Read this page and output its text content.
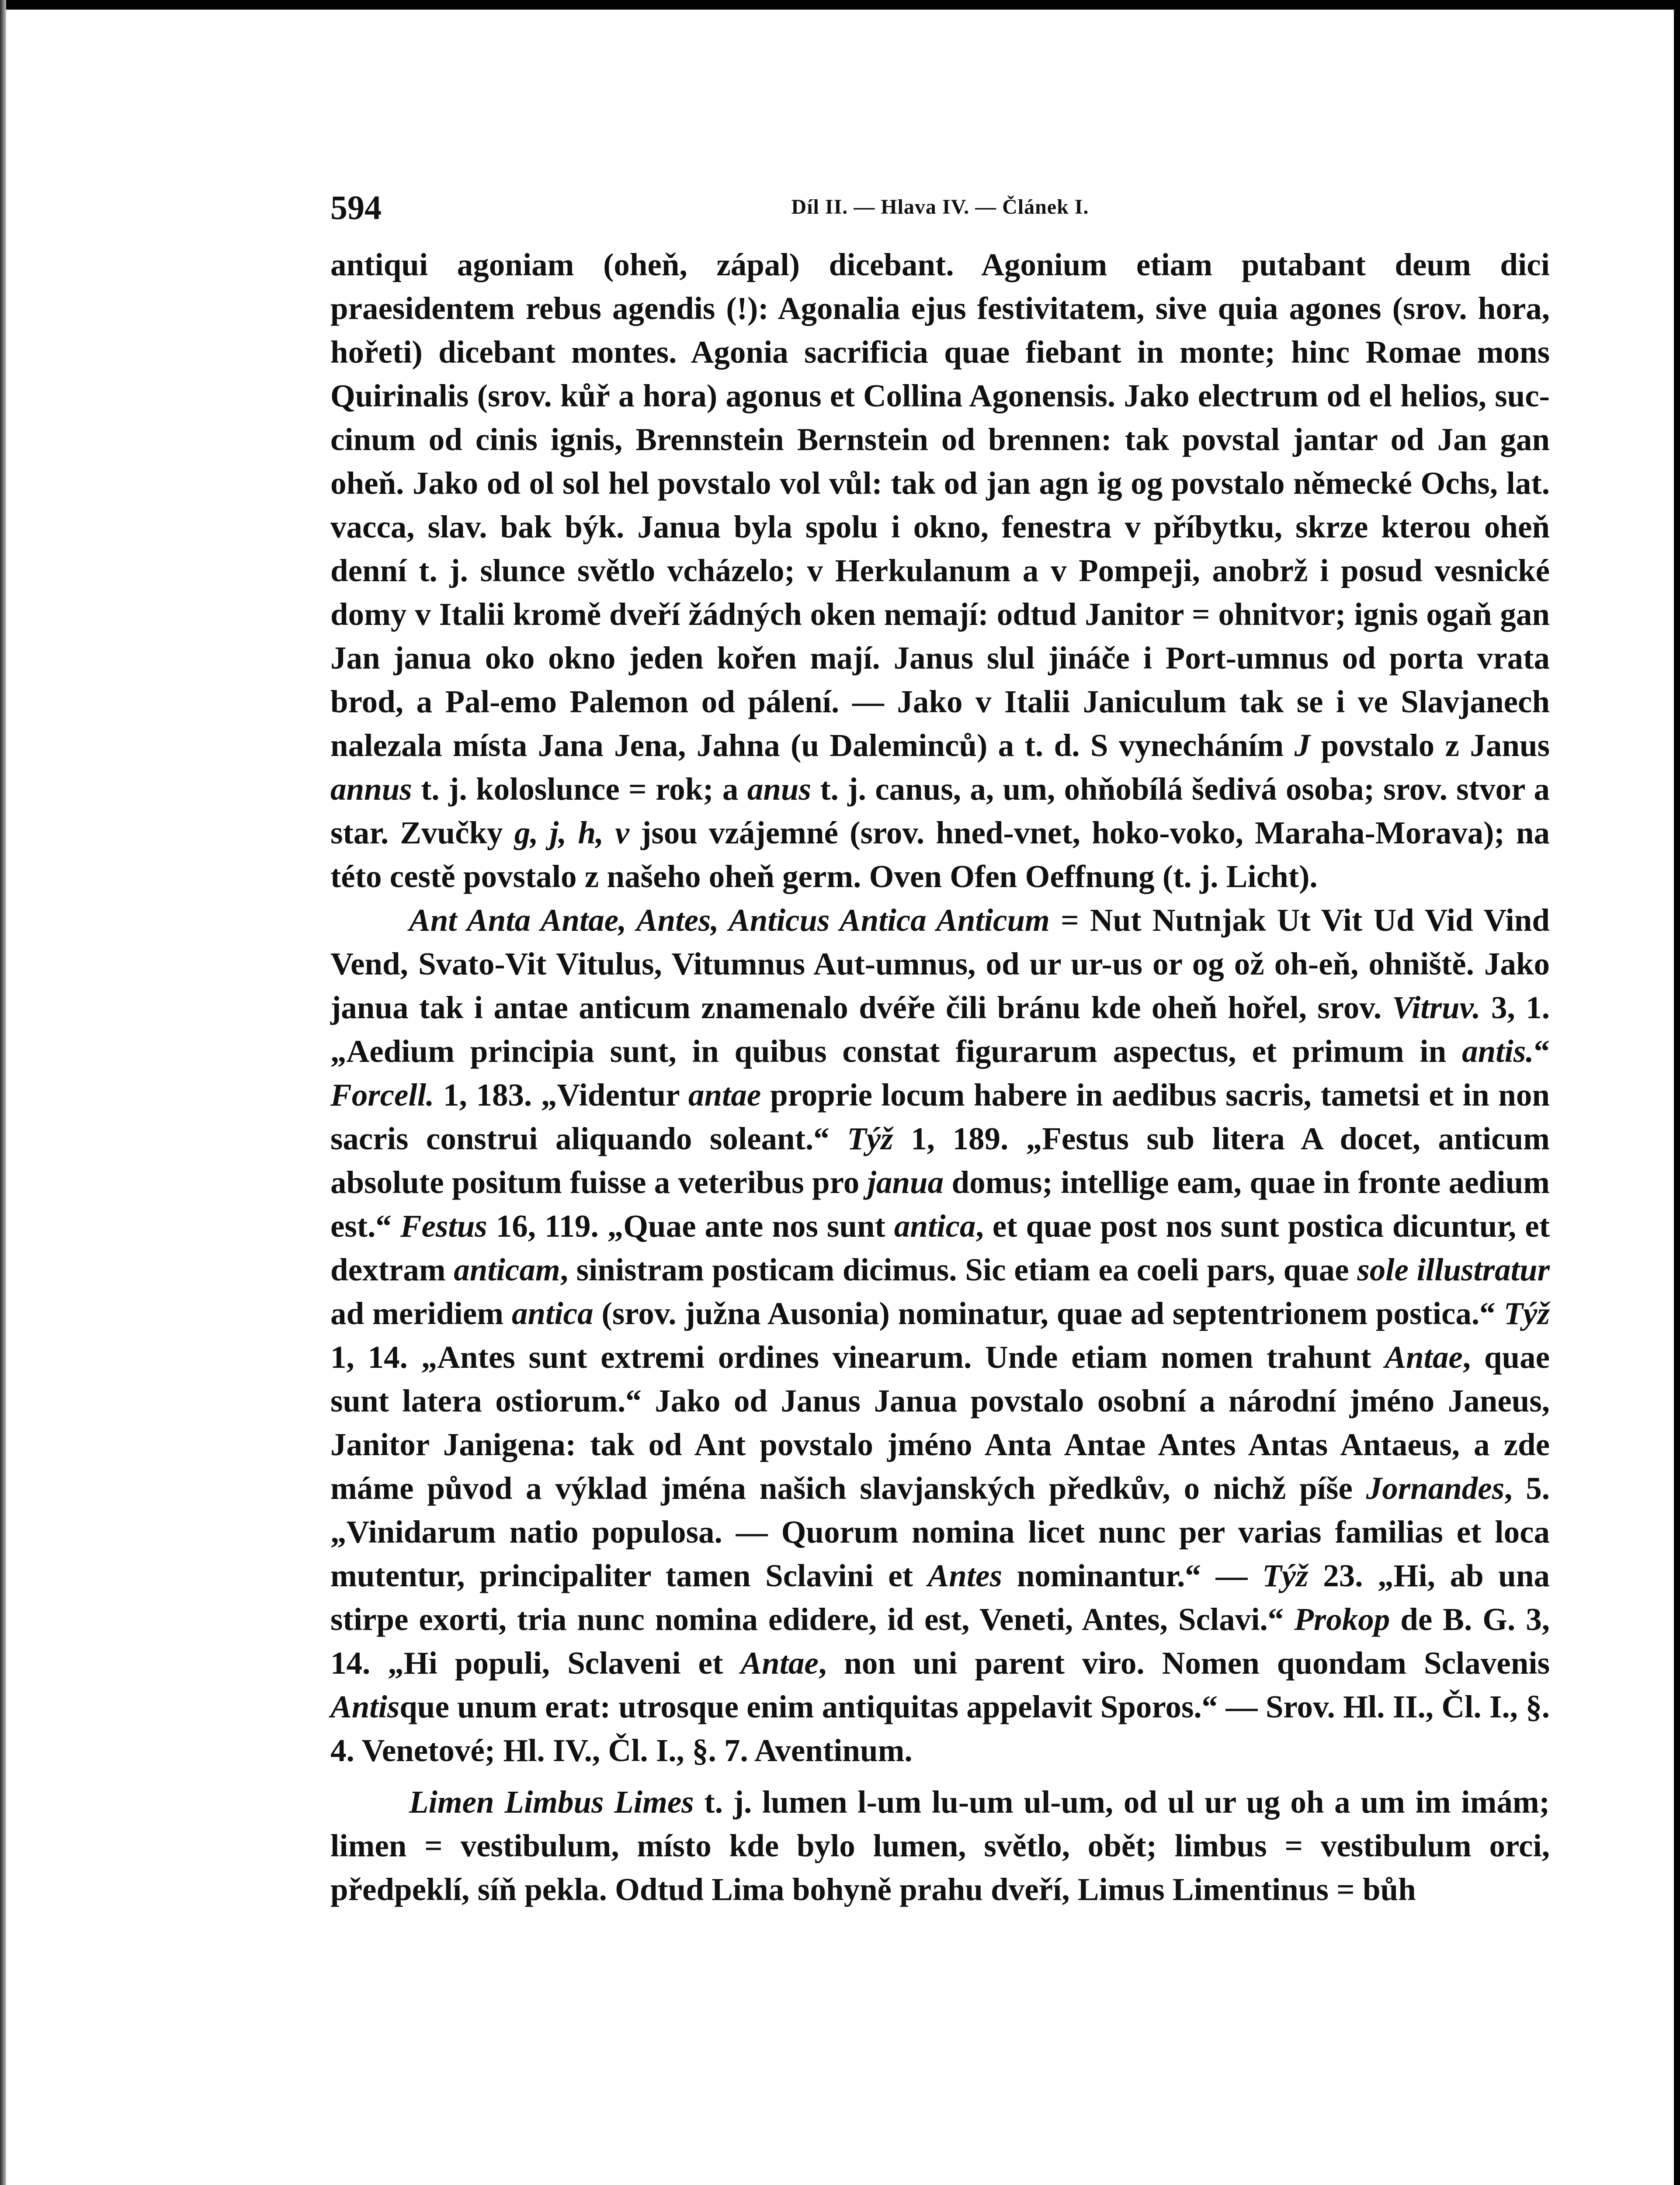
594	Díl II. — Hlava IV. — Článek I.

antiqui agoniam (oheň, zápal) dicebant. Agonium etiam putabant deum dici praesidentem rebus agendis (!): Agonalia ejus festivitatem, sive quia agones (srov. hora, hořeti) dicebant montes. Agonia sacrificia quae fiebant in monte; hinc Romae mons Quirinalis (srov. kůř a hora) agonus et Collina Agonensis. Jako electrum od el helios, suc-cinum od cinis ignis, Brennstein Bernstein od brennen: tak povstal jantar od Jan gan oheň. Jako od ol sol hel povstalo vol vůl: tak od jan agn ig og povstalo německé Ochs, lat. vacca, slav. bak býk. Janua byla spolu i okno, fenestra v příbytku, skrze kterou oheň denní t. j. slunce světlo vcházelo; v Herkulanum a v Pompeji, anobrž i posud vesnické domy v Italii kromě dveří žádných oken nemají: odtud Janitor = ohnitvor; ignis ogaň gan Jan janua oko okno jeden kořen mají. Janus slul jináče i Port-umnus od porta vrata brod, a Pal-emo Palemon od pálení. — Jako v Italii Janiculum tak se i ve Slavjanech nalezala místa Jana Jena, Jahna (u Daleminců) a t. d. S vynecháním J povstalo z Janus annus t. j. koloslunce = rok; a anus t. j. canus, a, um, ohňobílá šedivá osoba; srov. stvor a star. Zvučky g, j, h, v jsou vzájemné (srov. hned-vnet, hoko-voko, Maraha-Morava); na této cestě povstalo z našeho oheň germ. Oven Ofen Oeffnung (t. j. Licht).

Ant Anta Antae, Antes, Anticus Antica Anticum = Nut Nutnjak Ut Vit Ud Vid Vind Vend, Svato-Vit Vitulus, Vitumnus Aut-umnus, od ur ur-us or og ož oh-eň, ohniště. Jako janua tak i antae anticum znamenalo dvéře čili bránu kde oheň hořel, srov. Vitruv. 3, 1. „Aedium principia sunt, in quibus constat figurarum aspectus, et primum in antis.“ Forcell. 1, 183. „Videntur antae proprie locum habere in aedibus sacris, tametsi et in non sacris construi aliquando soleant.“ Týž 1, 189. „Festus sub litera A docet, anticum absolute positum fuisse a veteribus pro janua domus; intellige eam, quae in fronte aedium est.“ Festus 16, 119. „Quae ante nos sunt antica, et quae post nos sunt postica dicuntur, et dextram anticam, sinistram posticam dicimus. Sic etiam ea coeli pars, quae sole illustratur ad meridiem antica (srov. južna Ausonia) nominatur, quae ad septentrionem postica.“ Týž 1, 14. „Antes sunt extremi ordines vinearum. Unde etiam nomen trahunt Antae, quae sunt latera ostiorum.“ Jako od Janus Janua povstalo osobní a národní jméno Janeus, Janitor Janigena: tak od Ant povstalo jméno Anta Antae Antes Antas Antaeus, a zde máme původ a výklad jména našich slavjanských předkův, o nichž píše Jornandes, 5. „Vinidarum natio populosa. — Quorum nomina licet nunc per varias familias et loca mutentur, principaliter tamen Sclavini et Antes nominantur.“ — Týž 23. „Hi, ab una stirpe exorti, tria nunc nomina edidere, id est, Veneti, Antes, Sclavi.“ Prokop de B. G. 3, 14. „Hi populi, Sclaveni et Antae, non uni parent viro. Nomen quondam Sclavenis Antisque unum erat: utrosque enim antiquitas appelavit Sporos.“ — Srov. Hl. II., Čl. I., §. 4. Venetové; Hl. IV., Čl. I., §. 7. Aventinum.

Limen Limbus Limes t. j. lumen l-um lu-um ul-um, od ul ur ug oh a um im imám; limen = vestibulum, místo kde bylo lumen, světlo, obět; limbus = vestibulum orci, předpeklí, síň pekla. Odtud Lima bohyně prahu dveří, Limus Limentinus = bůh
